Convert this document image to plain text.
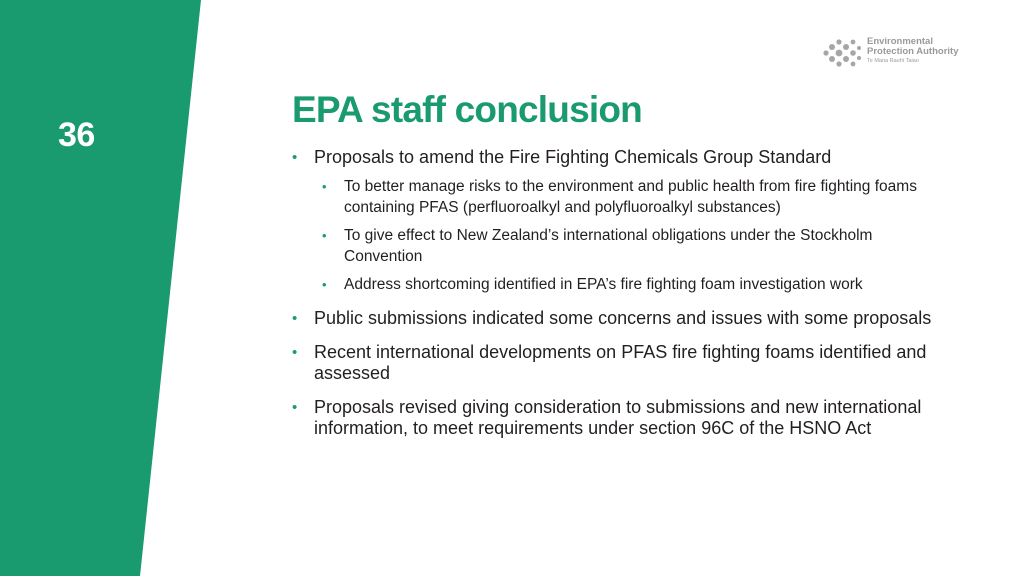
36
Environmental
Protection Authority
Te Mana Rauhī Taiao
EPA staff conclusion
• Proposals to amend the Fire Fighting Chemicals Group Standard
• To better manage risks to the environment and public health from fire fighting foams containing PFAS (perfluoroalkyl and polyfluoroalkyl substances)
• To give effect to New Zealand’s international obligations under the Stockholm Convention
• Address shortcoming identified in EPA’s fire fighting foam investigation work
• Public submissions indicated some concerns and issues with some proposals
• Recent international developments on PFAS fire fighting foams identified and assessed
• Proposals revised giving consideration to submissions and new international information, to meet requirements under section 96C of the HSNO Act
